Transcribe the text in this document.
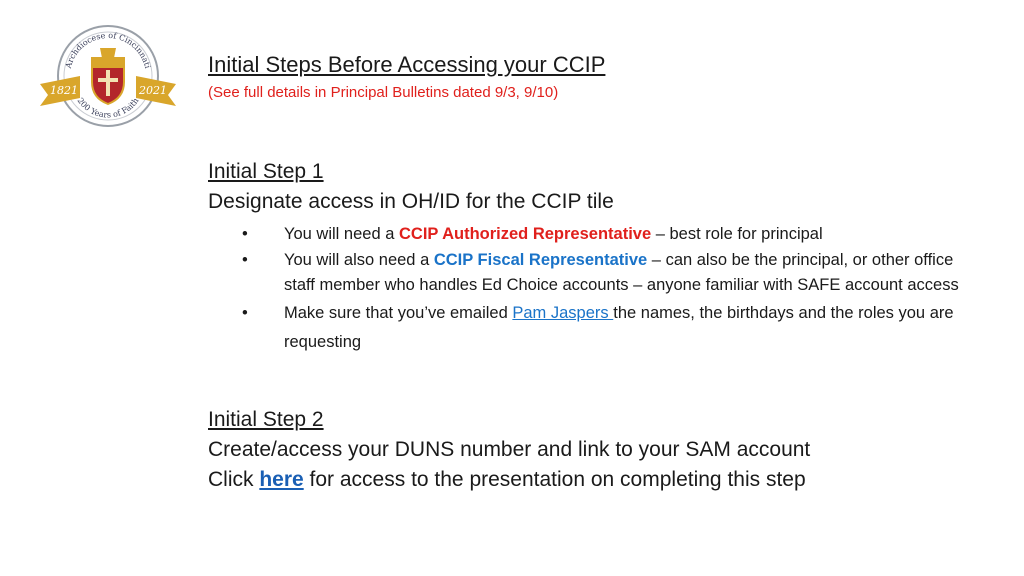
Archdiocese of Cincinnati
200 Years of Faith
1821	2021
Initial Steps Before Accessing your CCIP
(See full details in Principal Bulletins dated 9/3, 9/10)
Initial Step 1
Designate access in OH/ID for the CCIP tile
• You will need a CCIP Authorized Representative – best role for principal
• You will also need a CCIP Fiscal Representative – can also be the principal, or other office staff member who handles Ed Choice accounts – anyone familiar with SAFE account access
• Make sure that you’ve emailed Pam Jaspers the names, the birthdays and the roles you are requesting
Initial Step 2
Create/access your DUNS number and link to your SAM account
Click here for access to the presentation on completing this step
